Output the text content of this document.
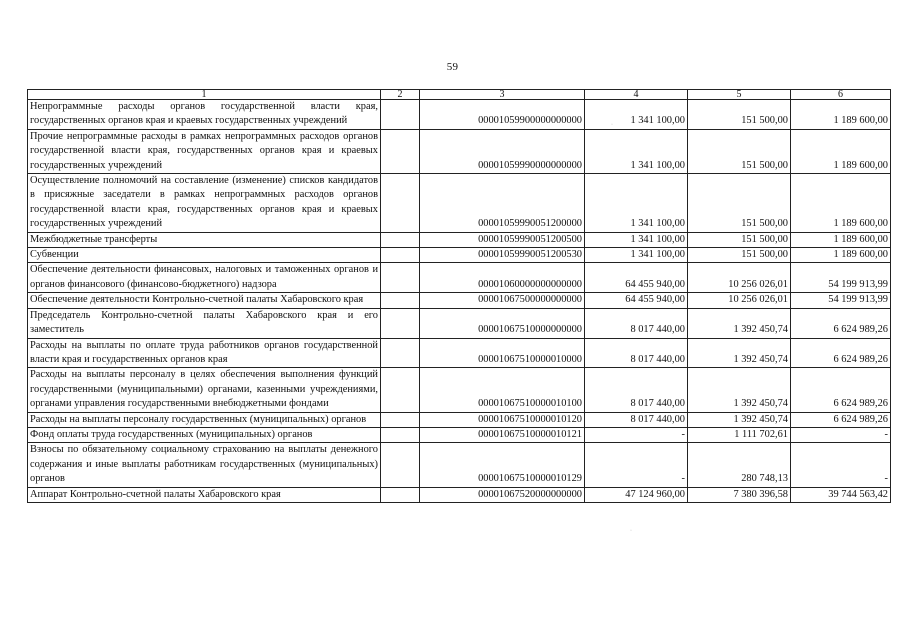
59
1	2	3	4	5	6
Непрограммные расходы органов государственной власти края, государственных органов края и краевых государственных учреждений		00001059900000000000	1 341 100,00	151 500,00	1 189 600,00
Прочие непрограммные расходы в рамках непрограммных расходов органов государственной власти края, государственных органов края и краевых государственных учреждений		00001059990000000000	1 341 100,00	151 500,00	1 189 600,00
Осуществление полномочий на составление (изменение) списков кандидатов в присяжные заседатели в рамках непрограммных расходов органов государственной власти края, государственных органов края и краевых государственных учреждений		00001059990051200000	1 341 100,00	151 500,00	1 189 600,00
Межбюджетные трансферты		00001059990051200500	1 341 100,00	151 500,00	1 189 600,00
Субвенции		00001059990051200530	1 341 100,00	151 500,00	1 189 600,00
Обеспечение деятельности финансовых, налоговых и таможенных органов и органов финансового (финансово-бюджетного) надзора		00001060000000000000	64 455 940,00	10 256 026,01	54 199 913,99
Обеспечение деятельности Контрольно-счетной палаты Хабаровского края		00001067500000000000	64 455 940,00	10 256 026,01	54 199 913,99
Председатель Контрольно-счетной палаты Хабаровского края и его заместитель		00001067510000000000	8 017 440,00	1 392 450,74	6 624 989,26
Расходы на выплаты по оплате труда работников органов государственной власти края и государственных органов края		00001067510000010000	8 017 440,00	1 392 450,74	6 624 989,26
Расходы на выплаты персоналу в целях обеспечения выполнения функций государственными (муниципальными) органами, казенными учреждениями, органами управления государственными внебюджетными фондами		00001067510000010100	8 017 440,00	1 392 450,74	6 624 989,26
Расходы на выплаты персоналу государственных (муниципальных) органов		00001067510000010120	8 017 440,00	1 392 450,74	6 624 989,26
Фонд оплаты труда государственных (муниципальных) органов		00001067510000010121	-	1 111 702,61	-
Взносы по обязательному социальному страхованию на выплаты денежного содержания и иные выплаты работникам государственных (муниципальных) органов		00001067510000010129	-	280 748,13	-
Аппарат Контрольно-счетной палаты Хабаровского края		00001067520000000000	47 124 960,00	7 380 396,58	39 744 563,42
·
·
